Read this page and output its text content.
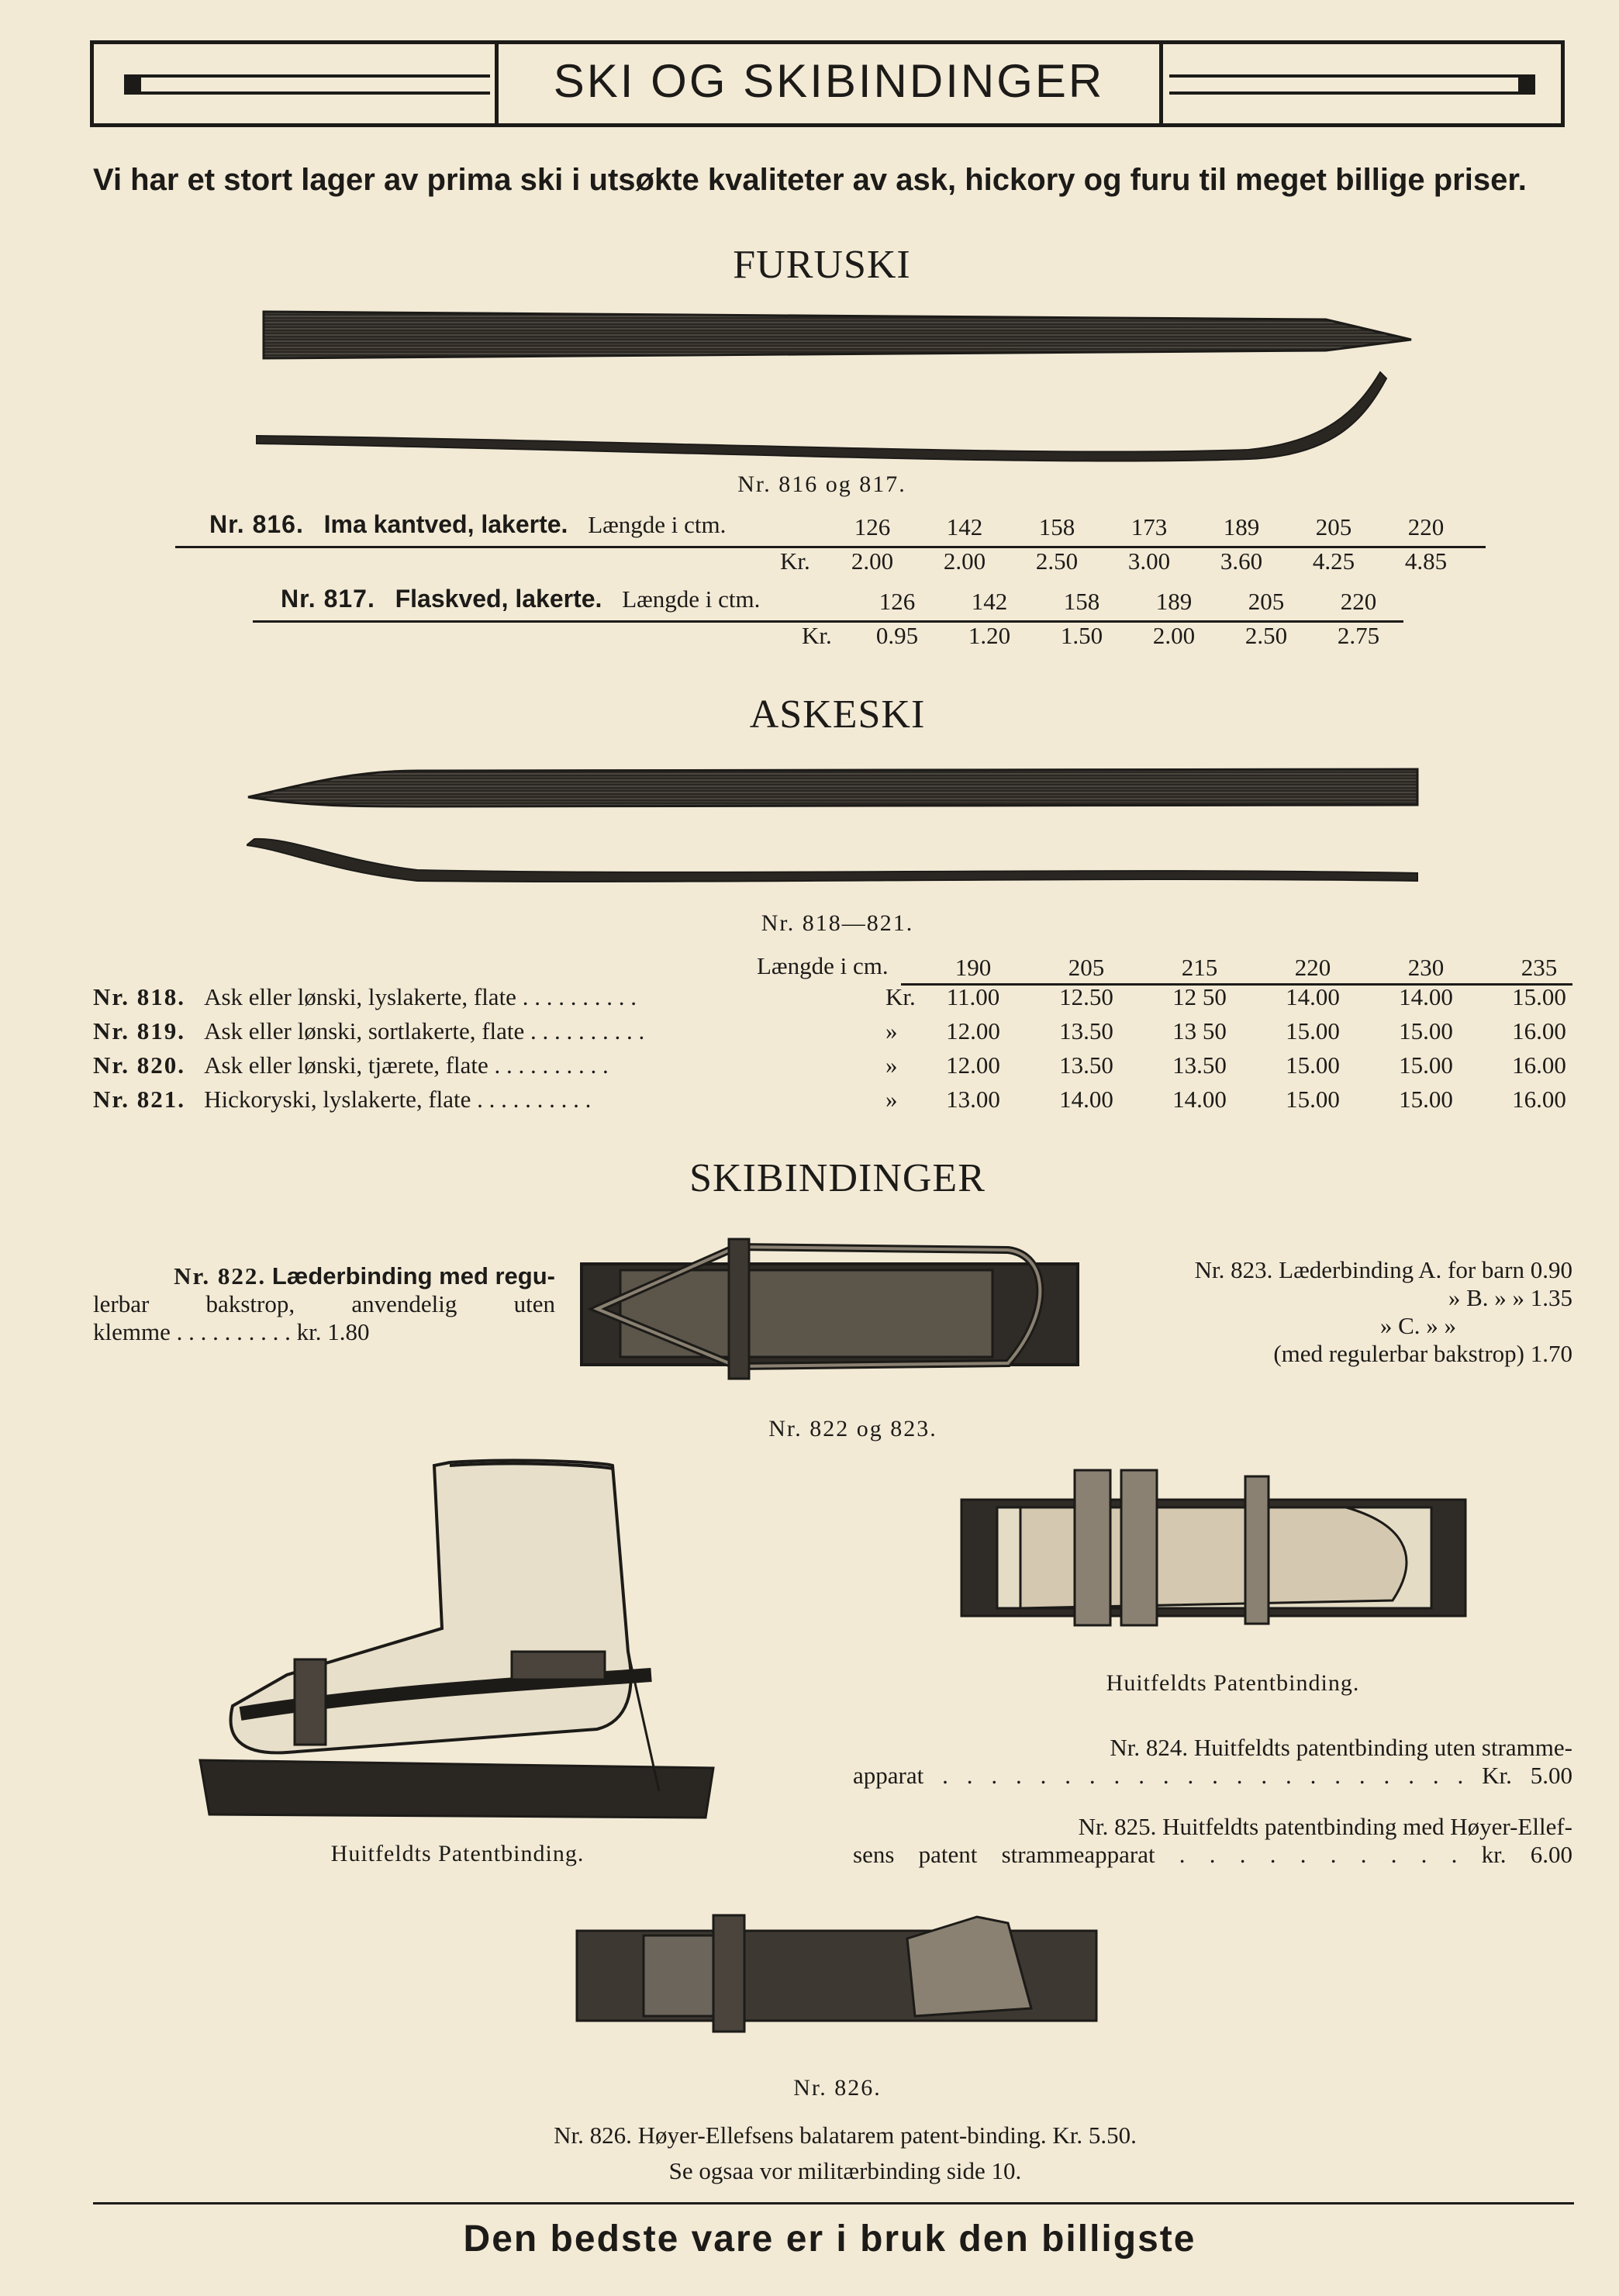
SKI OG SKIBINDINGER
Vi har et stort lager av prima ski i utsøkte kvaliteter av ask, hickory og furu til meget billige priser.
FURUSKI
Nr. 816 og 817.
Nr. 816. Ima kantved, lakerte. Længde i ctm.	126	142	158	173	189	205	220
Kr.	2.00	2.00	2.50	3.00	3.60	4.25	4.85
Nr. 817. Flaskved, lakerte. Længde i ctm.	126	142	158	189	205	220
Kr.	0.95	1.20	1.50	2.00	2.50	2.75
ASKESKI
Nr. 818—821.
Længde i cm.	190	205	215	220	230	235
Nr. 818. Ask eller lønski, lyslakerte, flate . . . . . . . . . .	Kr.	11.00	12.50	12 50	14.00	14.00	15.00
Nr. 819. Ask eller lønski, sortlakerte, flate . . . . . . . . . .	»	12.00	13.50	13 50	15.00	15.00	16.00
Nr. 820. Ask eller lønski, tjærete, flate . . . . . . . . . .	»	12.00	13.50	13.50	15.00	15.00	16.00
Nr. 821. Hickoryski, lyslakerte, flate . . . . . . . . . .	»	13.00	14.00	14.00	15.00	15.00	16.00
SKIBINDINGER
Nr. 822. Læderbinding med regu-
lerbar bakstrop, anvendelig uten
klemme . . . . . . . . . . kr. 1.80
Nr. 822 og 823.
Nr. 823. Læderbinding A. for barn 0.90
» B. » » 1.35
» C. » »
(med regulerbar bakstrop) 1.70
Huitfeldts Patentbinding.
Huitfeldts Patentbinding.
Nr. 824. Huitfeldts patentbinding uten stramme-
apparat . . . . . . . . . . . . . . . . . . . . . . Kr. 5.00
Nr. 825. Huitfeldts patentbinding med Høyer-Ellef-
sens patent strammeapparat . . . . . . . . . . kr. 6.00
Nr. 826.
Nr. 826. Høyer-Ellefsens balatarem patent-binding. Kr. 5.50.
Se ogsaa vor militærbinding side 10.
Den bedste vare er i bruk den billigste
